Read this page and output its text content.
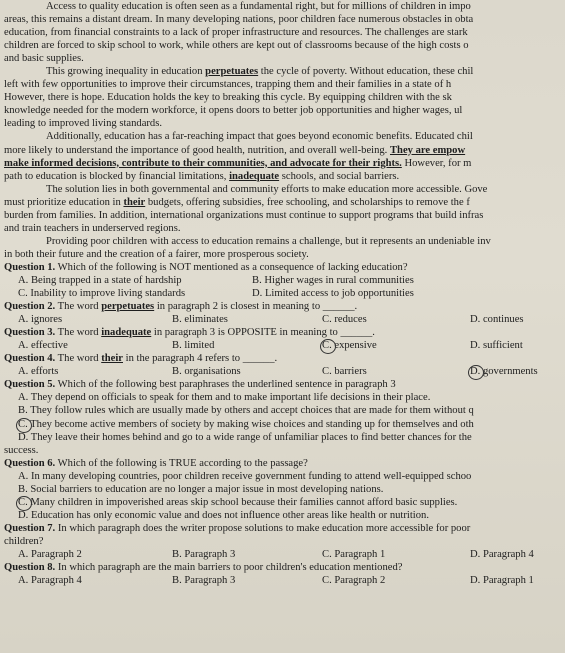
Access to quality education is often seen as a fundamental right, but for millions of children in impo
areas, this remains a distant dream. In many developing nations, poor children face numerous obstacles in obta
education, from financial constraints to a lack of proper infrastructure and resources. The challenges are stark
children are forced to skip school to work, while others are kept out of classrooms because of the high costs o
and basic supplies.
This growing inequality in education perpetuates the cycle of poverty. Without education, these chil
left with few opportunities to improve their circumstances, trapping them and their families in a state of h
However, there is hope. Education holds the key to breaking this cycle. By equipping children with the sk
knowledge needed for the modern workforce, it opens doors to better job opportunities and higher wages, ul
leading to improved living standards.
Additionally, education has a far-reaching impact that goes beyond economic benefits. Educated chil
more likely to understand the importance of good health, nutrition, and overall well-being. They are empow
make informed decisions, contribute to their communities, and advocate for their rights. However, for m
path to education is blocked by financial limitations, inadequate schools, and social barriers.
The solution lies in both governmental and community efforts to make education more accessible. Gove
must prioritize education in their budgets, offering subsidies, free schooling, and scholarships to remove the f
burden from families. In addition, international organizations must continue to support programs that build infras
and train teachers in underserved regions.
Providing poor children with access to education remains a challenge, but it represents an undeniable inv
in both their future and the creation of a fairer, more prosperous society.
Question 1. Which of the following is NOT mentioned as a consequence of lacking education?
A. Being trapped in a state of hardship	B. Higher wages in rural communities
C. Inability to improve living standards	D. Limited access to job opportunities
Question 2. The word perpetuates in paragraph 2 is closest in meaning to ______.
A. ignores	B. eliminates	C. reduces	D. continues
Question 3. The word inadequate in paragraph 3 is OPPOSITE in meaning to ______.
A. effective	B. limited	C. expensive	D. sufficient
Question 4. The word their in the paragraph 4 refers to ______.
A. efforts	B. organisations	C. barriers	D. governments
Question 5. Which of the following best paraphrases the underlined sentence in paragraph 3
A. They depend on officials to speak for them and to make important life decisions in their place.
B. They follow rules which are usually made by others and accept choices that are made for them without q
C. They become active members of society by making wise choices and standing up for themselves and oth
D. They leave their homes behind and go to a wide range of unfamiliar places to find better chances for the
success.
Question 6. Which of the following is TRUE according to the passage?
A. In many developing countries, poor children receive government funding to attend well-equipped schoo
B. Social barriers to education are no longer a major issue in most developing nations.
C. Many children in impoverished areas skip school because their families cannot afford basic supplies.
D. Education has only economic value and does not influence other areas like health or nutrition.
Question 7. In which paragraph does the writer propose solutions to make education more accessible for poor
children?
A. Paragraph 2	B. Paragraph 3	C. Paragraph 1	D. Paragraph 4
Question 8. In which paragraph are the main barriers to poor children's education mentioned?
A. Paragraph 4	B. Paragraph 3	C. Paragraph 2	D. Paragraph 1
